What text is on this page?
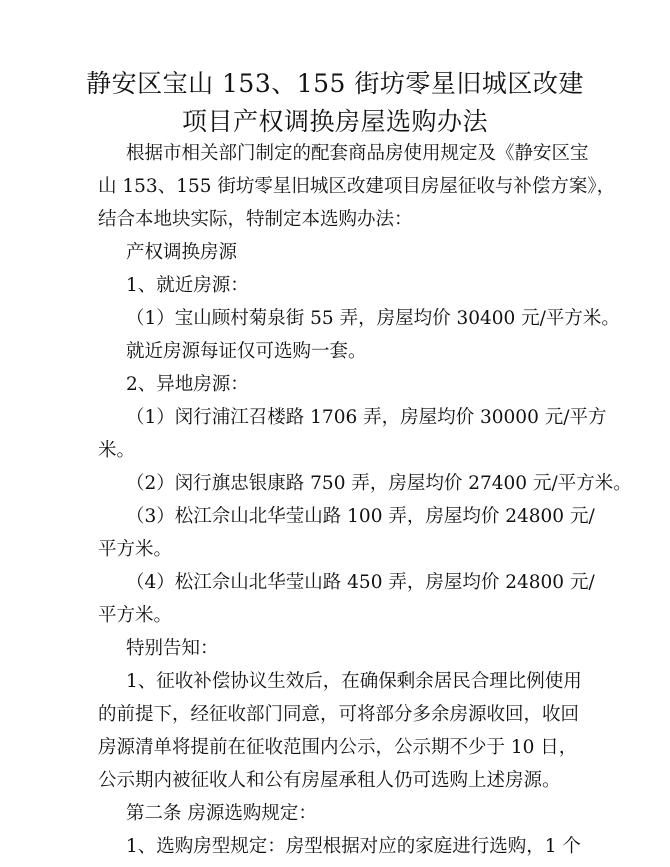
静安区宝山 153、155 街坊零星旧城区改建
项目产权调换房屋选购办法
根据市相关部门制定的配套商品房使用规定及《静安区宝
山 153、155 街坊零星旧城区改建项目房屋征收与补偿方案》，
结合本地块实际，特制定本选购办法：
产权调换房源
1、就近房源：
（1）宝山顾村菊泉街 55 弄，房屋均价 30400 元/平方米。
就近房源每证仅可选购一套。
2、异地房源：
（1）闵行浦江召楼路 1706 弄，房屋均价 30000 元/平方
米。
（2）闵行旗忠银康路 750 弄，房屋均价 27400 元/平方米。
（3）松江佘山北华莹山路 100 弄，房屋均价 24800 元/
平方米。
（4）松江佘山北华莹山路 450 弄，房屋均价 24800 元/
平方米。
特别告知：
1、征收补偿协议生效后，在确保剩余居民合理比例使用
的前提下，经征收部门同意，可将部分多余房源收回，收回
房源清单将提前在征收范围内公示，公示期不少于 10 日，
公示期内被征收人和公有房屋承租人仍可选购上述房源。
第二条 房源选购规定：
1、选购房型规定：房型根据对应的家庭进行选购，1 个
